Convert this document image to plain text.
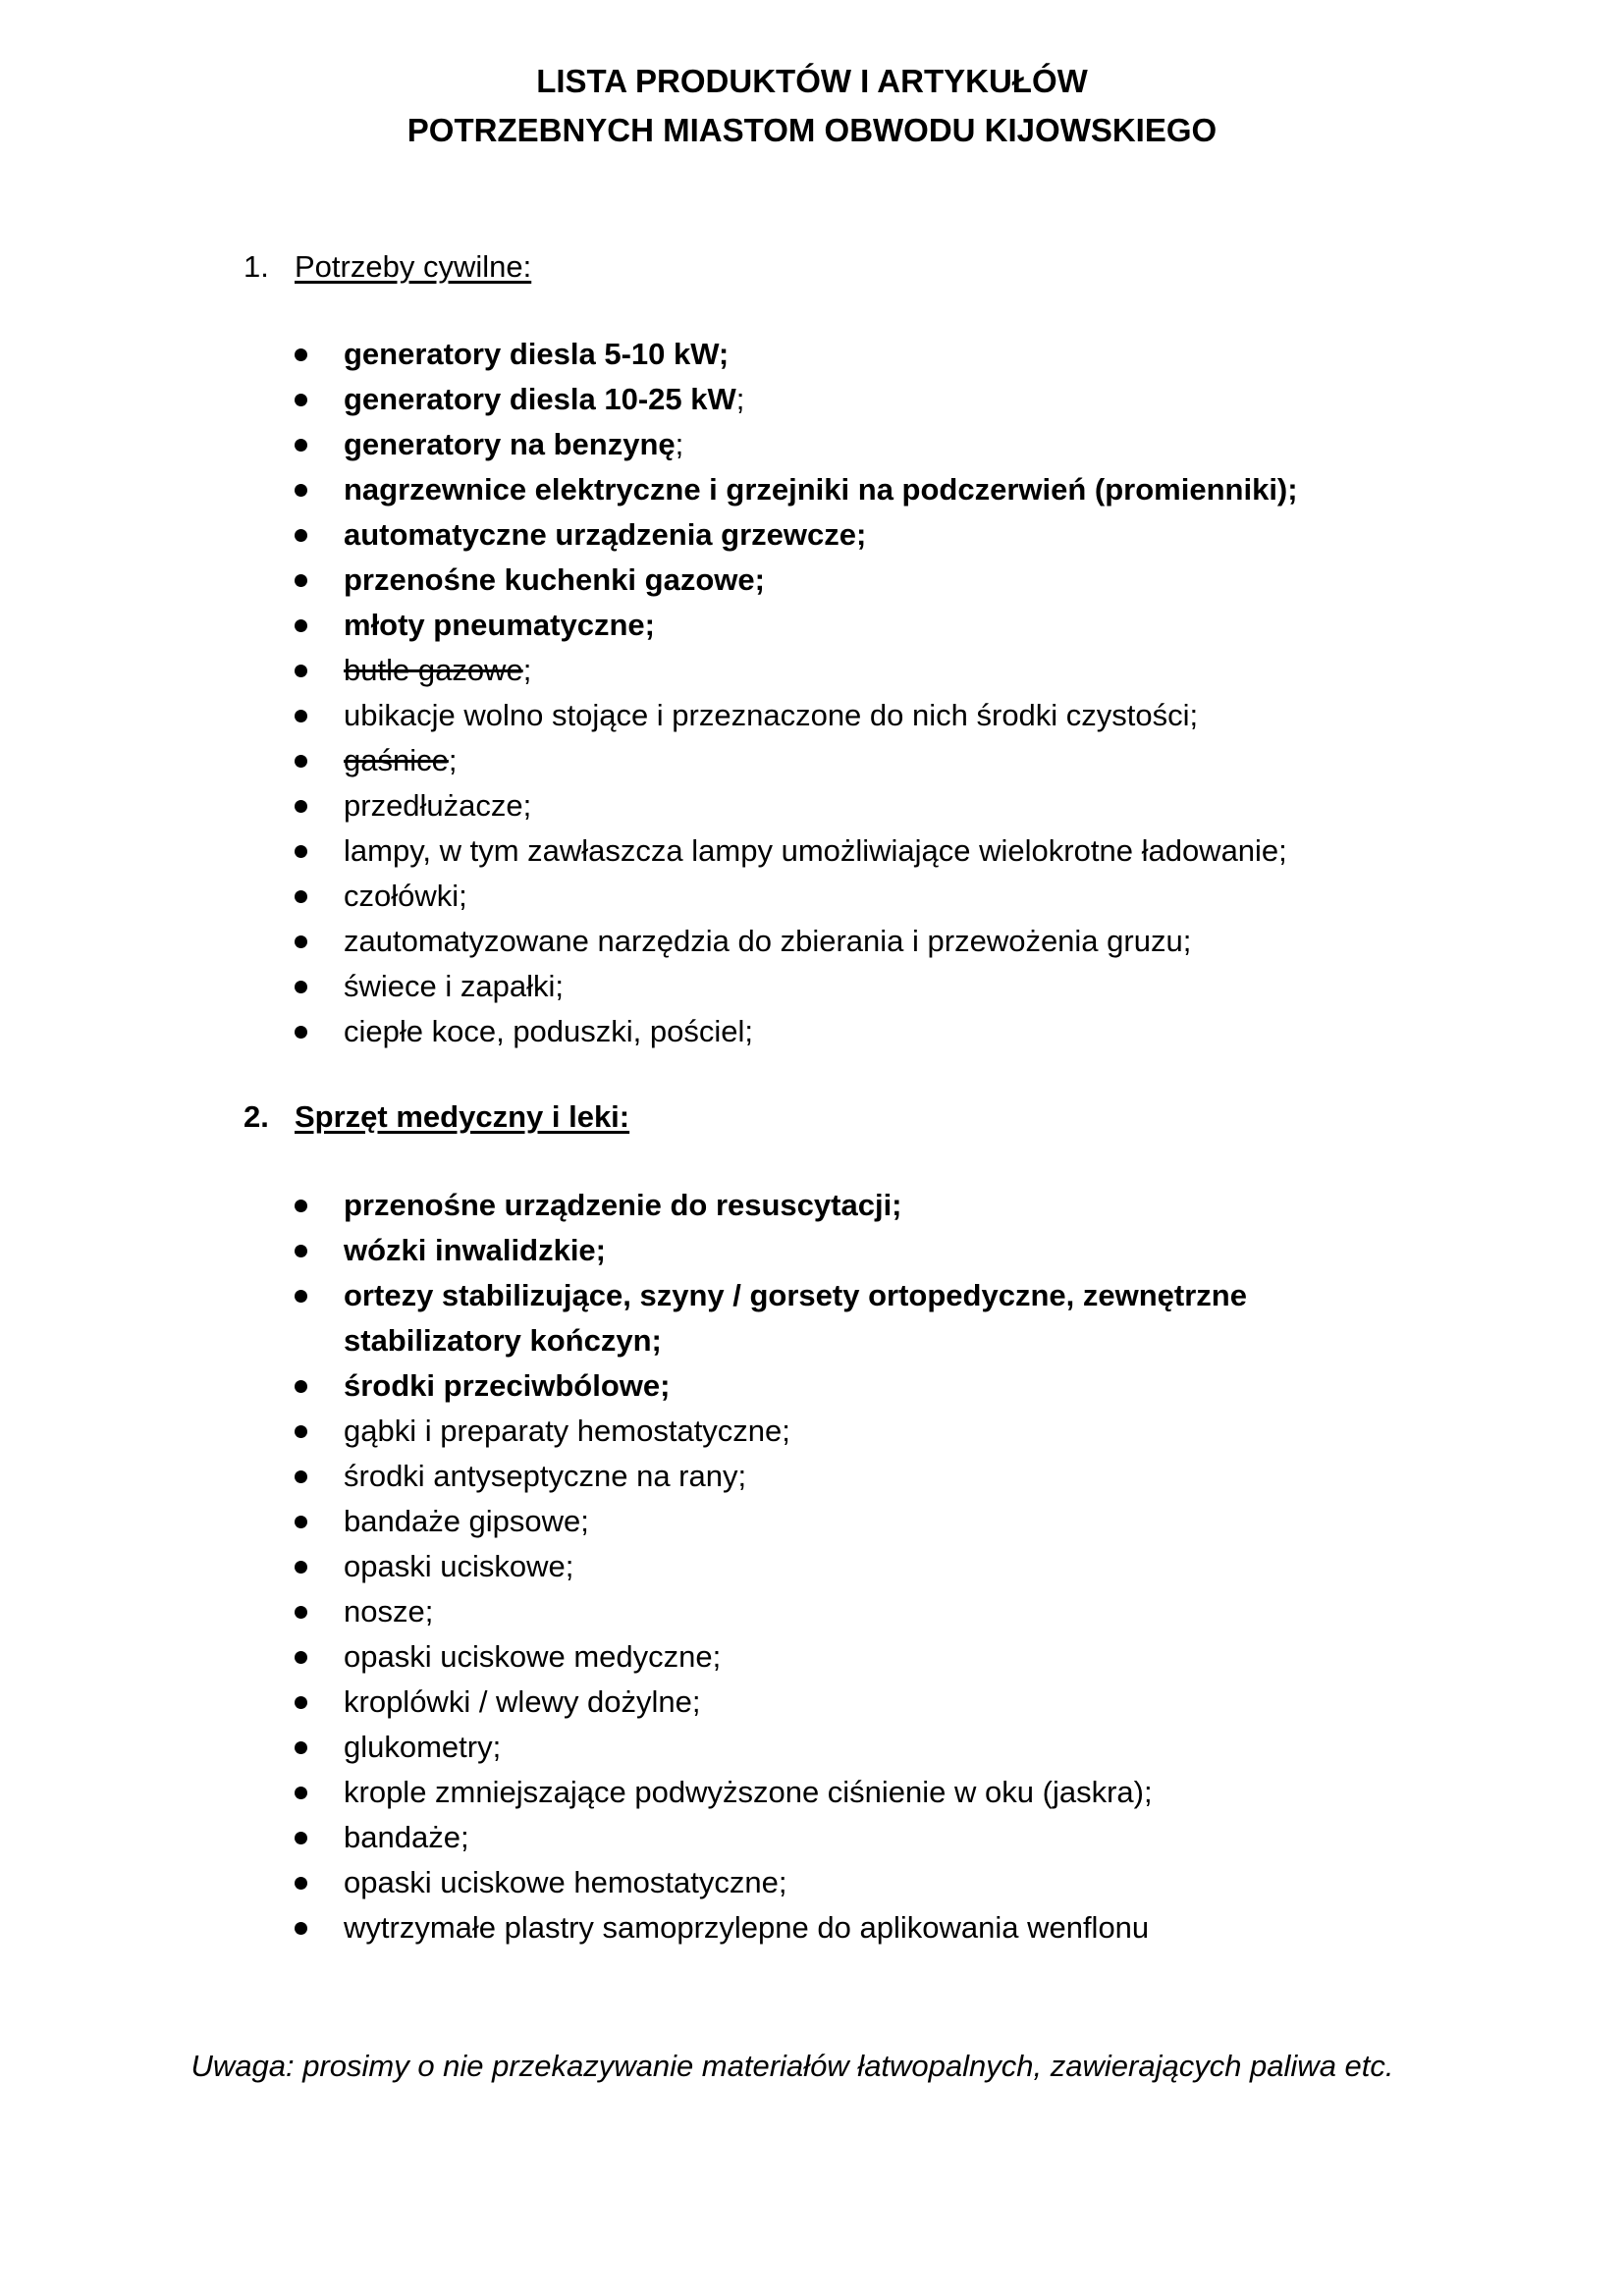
LISTA PRODUKTÓW I ARTYKUŁÓW
POTRZEBNYCH MIASTOM OBWODU KIJOWSKIEGO
1. Potrzeby cywilne:
generatory diesla 5-10 kW;
generatory diesla 10-25 kW;
generatory na benzynę;
nagrzewnice elektryczne i grzejniki na podczerwień (promienniki);
automatyczne urządzenia grzewcze;
przenośne kuchenki gazowe;
młoty pneumatyczne;
butle gazowe;
ubikacje wolno stojące i przeznaczone do nich środki czystości;
gaśnice;
przedłużacze;
lampy, w tym zawłaszcza lampy umożliwiające wielokrotne ładowanie;
czołówki;
zautomatyzowane narzędzia do zbierania i przewożenia gruzu;
świece i zapałki;
ciepłe koce, poduszki, pościel;
2. Sprzęt medyczny i leki:
przenośne urządzenie do resuscytacji;
wózki inwalidzkie;
ortezy stabilizujące, szyny / gorsety ortopedyczne, zewnętrzne stabilizatory kończyn;
środki przeciwbólowe;
gąbki i preparaty hemostatyczne;
środki antyseptyczne na rany;
bandaże gipsowe;
opaski uciskowe;
nosze;
opaski uciskowe medyczne;
kroplówki / wlewy dożylne;
glukometry;
krople zmniejszające podwyższone ciśnienie w oku (jaskra);
bandaże;
opaski uciskowe hemostatyczne;
wytrzymałe plastry samoprzylepne do aplikowania wenflonu
Uwaga: prosimy o nie przekazywanie materiałów łatwopalnych, zawierających paliwa etc.
